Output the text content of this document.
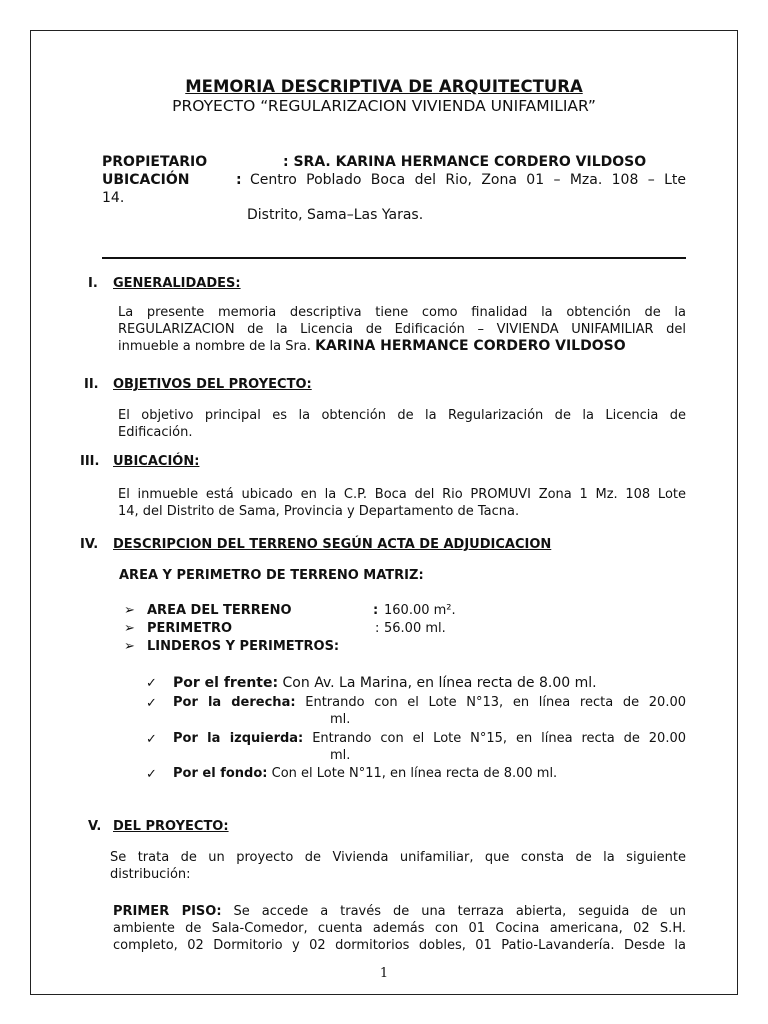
MEMORIA DESCRIPTIVA DE ARQUITECTURA
PROYECTO “REGULARIZACION VIVIENDA UNIFAMILIAR”
PROPIETARIO	: SRA. KARINA HERMANCE CORDERO VILDOSO
UBICACIÓN	: Centro Poblado Boca del Rio, Zona 01 – Mza. 108 – Lte
14.
Distrito, Sama–Las Yaras.
I. GENERALIDADES:
La presente memoria descriptiva tiene como finalidad la obtención de la
REGULARIZACION de la Licencia de Edificación – VIVIENDA UNIFAMILIAR del
inmueble a nombre de la Sra. KARINA HERMANCE CORDERO VILDOSO
II. OBJETIVOS DEL PROYECTO:
El objetivo principal es la obtención de la Regularización de la Licencia de
Edificación.
III. UBICACIÓN:
El inmueble está ubicado en la C.P. Boca del Rio PROMUVI Zona 1 Mz. 108 Lote
14, del Distrito de Sama, Provincia y Departamento de Tacna.
IV. DESCRIPCION DEL TERRENO SEGÚN ACTA DE ADJUDICACION
AREA Y PERIMETRO DE TERRENO MATRIZ:
➢ AREA DEL TERRENO	: 160.00 m².
➢ PERIMETRO	: 56.00 ml.
➢ LINDEROS Y PERIMETROS:
✓ Por el frente: Con Av. La Marina, en línea recta de 8.00 ml.
✓ Por la derecha: Entrando con el Lote N°13, en línea recta de 20.00
ml.
✓ Por la izquierda: Entrando con el Lote N°15, en línea recta de 20.00
ml.
✓ Por el fondo: Con el Lote N°11, en línea recta de 8.00 ml.
V. DEL PROYECTO:
Se trata de un proyecto de Vivienda unifamiliar, que consta de la siguiente
distribución:
PRIMER PISO: Se accede a través de una terraza abierta, seguida de un
ambiente de Sala-Comedor, cuenta además con 01 Cocina americana, 02 S.H.
completo, 02 Dormitorio y 02 dormitorios dobles, 01 Patio-Lavandería. Desde la
1
